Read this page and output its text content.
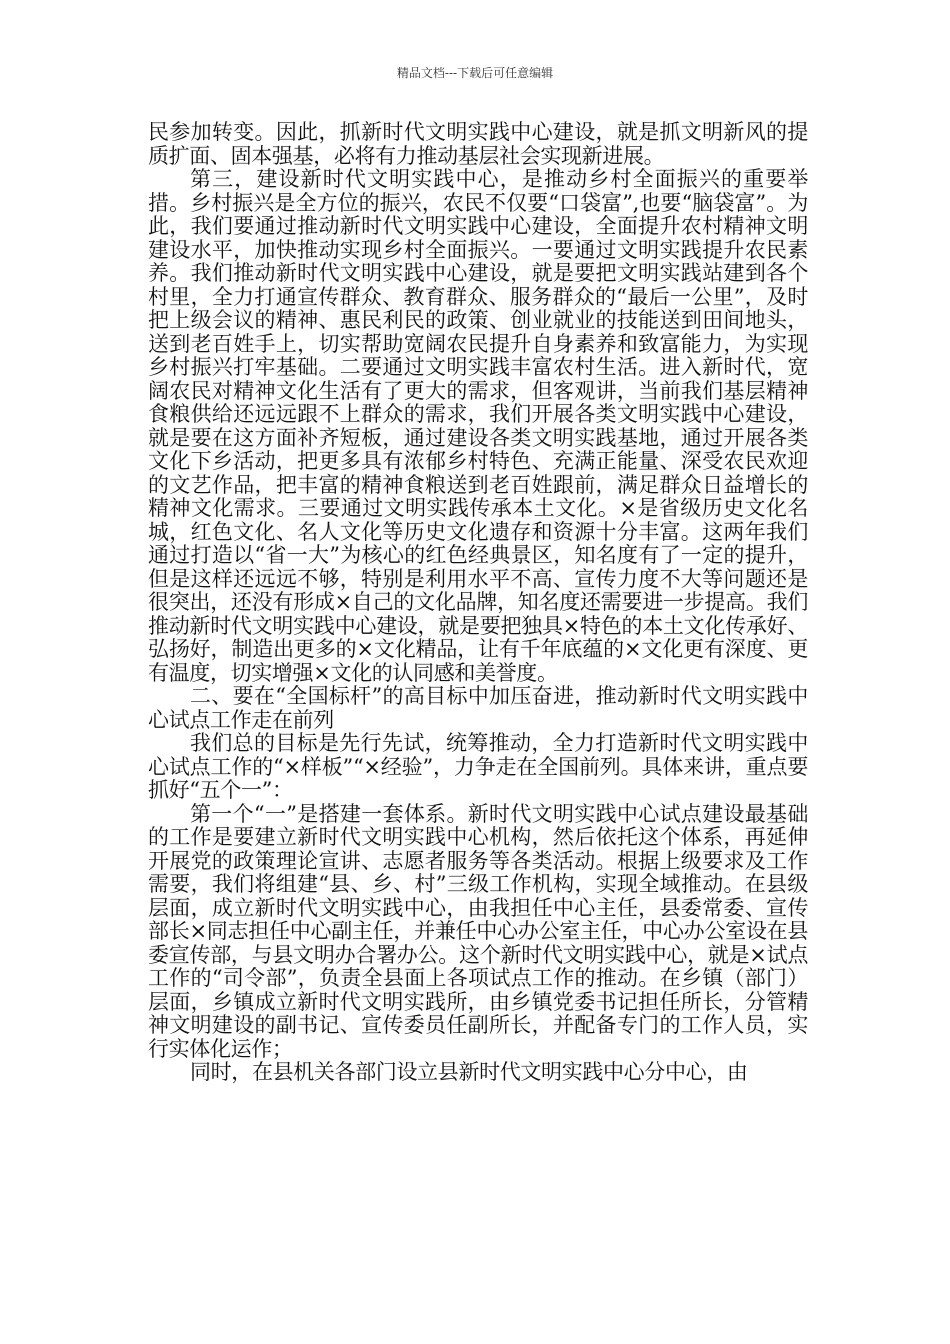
精品文档---下载后可任意编辑

民参加转变。因此，抓新时代文明实践中心建设，就是抓文明新风的提质扩面、固本强基，必将有力推动基层社会实现新进展。

第三，建设新时代文明实践中心，是推动乡村全面振兴的重要举措。乡村振兴是全方位的振兴，农民不仅要“口袋富”,也要“脑袋富”。为此，我们要通过推动新时代文明实践中心建设，全面提升农村精神文明建设水平，加快推动实现乡村全面振兴。一要通过文明实践提升农民素养。我们推动新时代文明实践中心建设，就是要把文明实践站建到各个村里，全力打通宣传群众、教育群众、服务群众的“最后一公里”，及时把上级会议的精神、惠民利民的政策、创业就业的技能送到田间地头，送到老百姓手上，切实帮助宽阔农民提升自身素养和致富能力，为实现乡村振兴打牢基础。二要通过文明实践丰富农村生活。进入新时代，宽阔农民对精神文化生活有了更大的需求，但客观讲，当前我们基层精神食粮供给还远远跟不上群众的需求，我们开展各类文明实践中心建设，就是要在这方面补齐短板，通过建设各类文明实践基地，通过开展各类文化下乡活动，把更多具有浓郁乡村特色、充满正能量、深受农民欢迎的文艺作品，把丰富的精神食粮送到老百姓跟前，满足群众日益增长的精神文化需求。三要通过文明实践传承本土文化。×是省级历史文化名城，红色文化、名人文化等历史文化遗存和资源十分丰富。这两年我们通过打造以“省一大”为核心的红色经典景区，知名度有了一定的提升，但是这样还远远不够，特别是利用水平不高、宣传力度不大等问题还是很突出，还没有形成×自己的文化品牌，知名度还需要进一步提高。我们推动新时代文明实践中心建设，就是要把独具×特色的本土文化传承好、弘扬好，制造出更多的×文化精品，让有千年底蕴的×文化更有深度、更有温度，切实增强×文化的认同感和美誉度。

二、要在“全国标杆”的高目标中加压奋进，推动新时代文明实践中心试点工作走在前列

我们总的目标是先行先试，统筹推动，全力打造新时代文明实践中心试点工作的“×样板”“×经验”，力争走在全国前列。具体来讲，重点要抓好“五个一”：

第一个“一”是搭建一套体系。新时代文明实践中心试点建设最基础的工作是要建立新时代文明实践中心机构，然后依托这个体系，再延伸开展党的政策理论宣讲、志愿者服务等各类活动。根据上级要求及工作需要，我们将组建“县、乡、村”三级工作机构，实现全域推动。在县级层面，成立新时代文明实践中心，由我担任中心主任，县委常委、宣传部长×同志担任中心副主任，并兼任中心办公室主任，中心办公室设在县委宣传部，与县文明办合署办公。这个新时代文明实践中心，就是×试点工作的“司令部”，负责全县面上各项试点工作的推动。在乡镇（部门）层面，乡镇成立新时代文明实践所，由乡镇党委书记担任所长，分管精神文明建设的副书记、宣传委员任副所长，并配备专门的工作人员，实行实体化运作；

同时，在县机关各部门设立县新时代文明实践中心分中心，由
